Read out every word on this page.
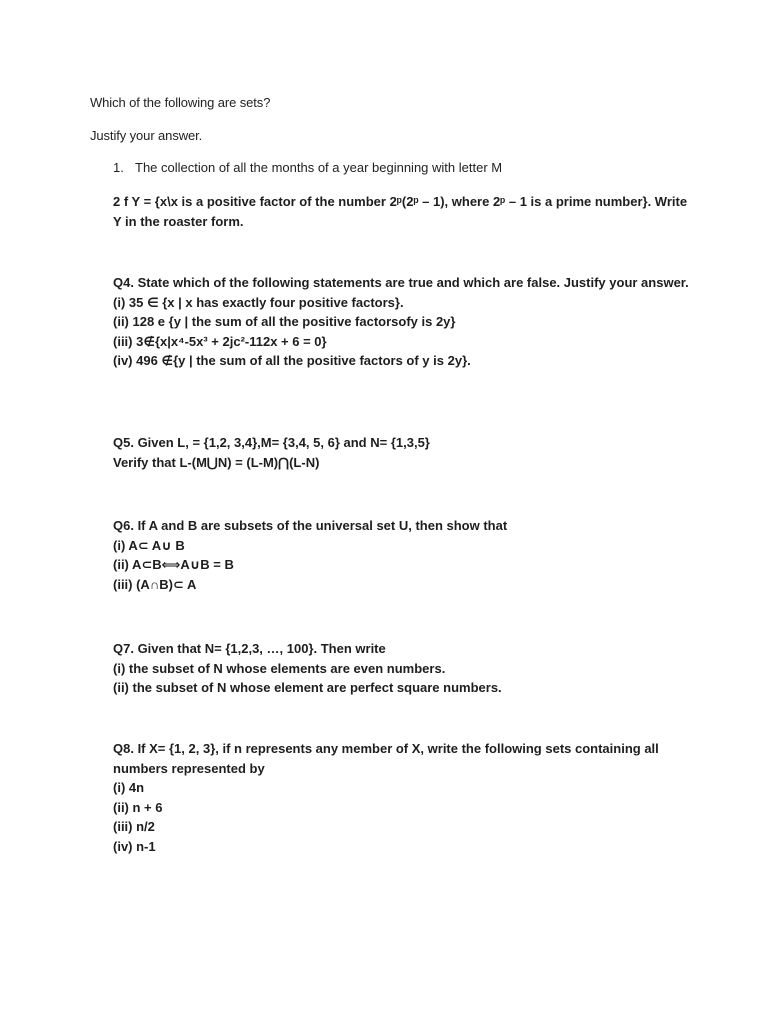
Which of the following are sets?
Justify your answer.
1. The collection of all the months of a year beginning with letter M
2 f Y = {x\x is a positive factor of the number 2ᵖ(2ᵖ – 1), where 2ᵖ – 1 is a prime number}. Write Y in the roaster form.
Q4. State which of the following statements are true and which are false. Justify your answer.
(i) 35 ∈ {x | x has exactly four positive factors}.
(ii) 128 e {y | the sum of all the positive factorsofy is 2y}
(iii) 3∉{x|x⁴-5x³ + 2jc²-112x + 6 = 0}
(iv) 496 ∉{y | the sum of all the positive factors of y is 2y}.
Q5. Given L, = {1,2, 3,4},M= {3,4, 5, 6} and N= {1,3,5}
Verify that L-(M⋃N) = (L-M)⋂(L-N)
Q6. If A and B are subsets of the universal set U, then show that
(i) A⊂ A∪ B
(ii) A⊂B⟺A∪B = B
(iii) (A∩B)⊂ A
Q7. Given that N= {1,2,3, …, 100}. Then write
(i) the subset of N whose elements are even numbers.
(ii) the subset of N whose element are perfect square numbers.
Q8. If X= {1, 2, 3}, if n represents any member of X, write the following sets containing all numbers represented by
(i) 4n
(ii) n + 6
(iii) n/2
(iv) n-1
